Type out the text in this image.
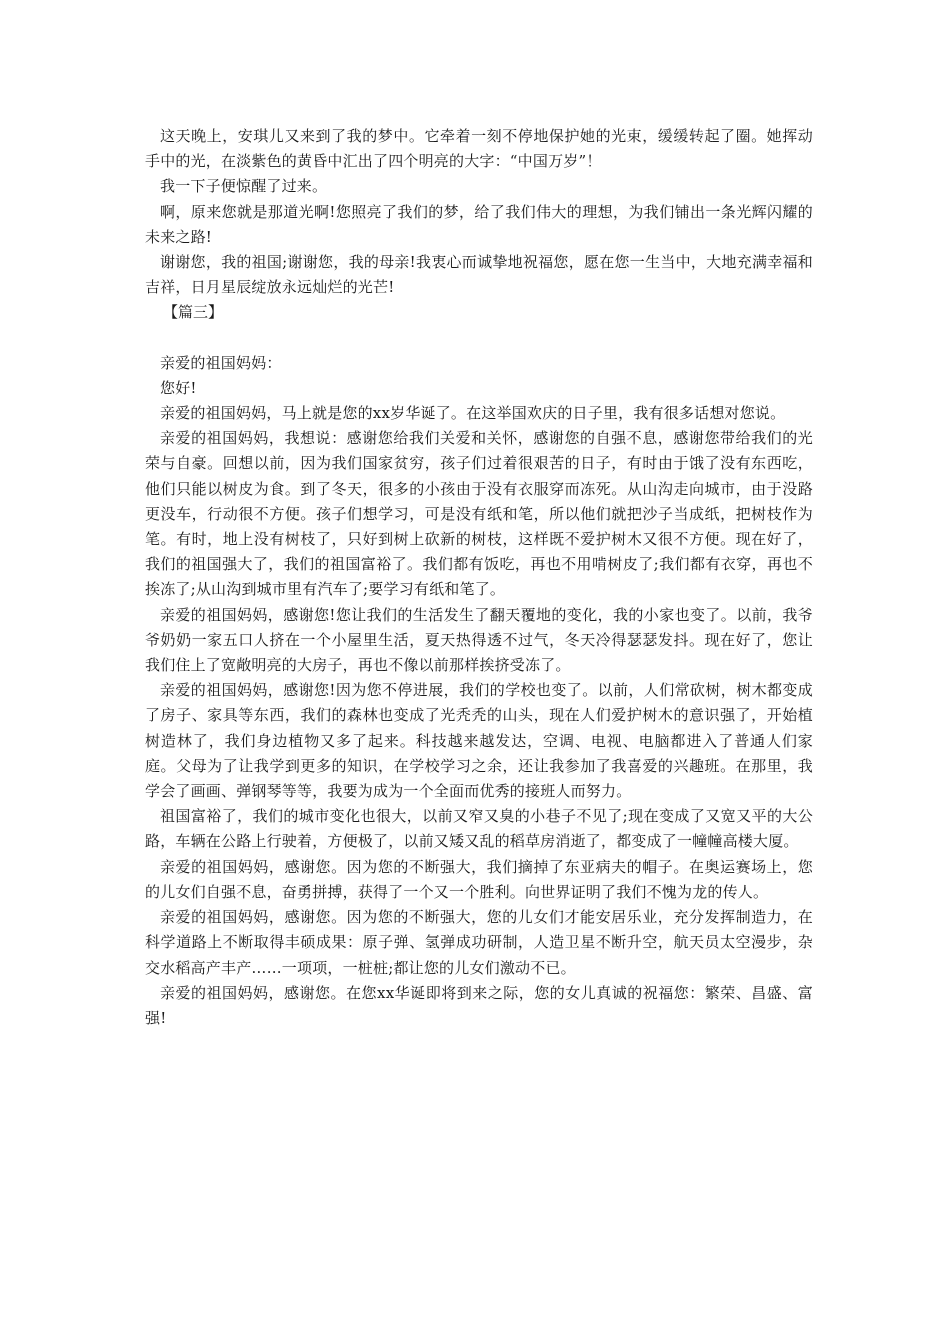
这天晚上，安琪儿又来到了我的梦中。它牵着一刻不停地保护她的光束，缓缓转起了圈。她挥动手中的光，在淡紫色的黄昏中汇出了四个明亮的大字：“中国万岁”！

我一下子便惊醒了过来。

啊，原来您就是那道光啊!您照亮了我们的梦，给了我们伟大的理想，为我们铺出一条光辉闪耀的未来之路!

谢谢您，我的祖国;谢谢您，我的母亲!我衷心而诚挚地祝福您，愿在您一生当中，大地充满幸福和吉祥，日月星辰绽放永远灿烂的光芒!

【篇三】

亲爱的祖国妈妈：

您好!

亲爱的祖国妈妈，马上就是您的xx岁华诞了。在这举国欢庆的日子里，我有很多话想对您说。

亲爱的祖国妈妈，我想说：感谢您给我们关爱和关怀，感谢您的自强不息，感谢您带给我们的光荣与自豪。回想以前，因为我们国家贫穷，孩子们过着很艰苦的日子，有时由于饿了没有东西吃，他们只能以树皮为食。到了冬天，很多的小孩由于没有衣服穿而冻死。从山沟走向城市，由于没路更没车，行动很不方便。孩子们想学习，可是没有纸和笔，所以他们就把沙子当成纸，把树枝作为笔。有时，地上没有树枝了，只好到树上砍新的树枝，这样既不爱护树木又很不方便。现在好了，我们的祖国强大了，我们的祖国富裕了。我们都有饭吃，再也不用啃树皮了;我们都有衣穿，再也不挨冻了;从山沟到城市里有汽车了;要学习有纸和笔了。

亲爱的祖国妈妈，感谢您!您让我们的生活发生了翻天覆地的变化，我的小家也变了。以前，我爷爷奶奶一家五口人挤在一个小屋里生活，夏天热得透不过气，冬天冷得瑟瑟发抖。现在好了，您让我们住上了宽敞明亮的大房子，再也不像以前那样挨挤受冻了。

亲爱的祖国妈妈，感谢您!因为您不停进展，我们的学校也变了。以前，人们常砍树，树木都变成了房子、家具等东西，我们的森林也变成了光秃秃的山头，现在人们爱护树木的意识强了，开始植树造林了，我们身边植物又多了起来。科技越来越发达，空调、电视、电脑都进入了普通人们家庭。父母为了让我学到更多的知识，在学校学习之余，还让我参加了我喜爱的兴趣班。在那里，我学会了画画、弹钢琴等等，我要为成为一个全面而优秀的接班人而努力。

祖国富裕了，我们的城市变化也很大，以前又窄又臭的小巷子不见了;现在变成了又宽又平的大公路，车辆在公路上行驶着，方便极了，以前又矮又乱的稻草房消逝了，都变成了一幢幢高楼大厦。

亲爱的祖国妈妈，感谢您。因为您的不断强大，我们摘掉了东亚病夫的帽子。在奥运赛场上，您的儿女们自强不息，奋勇拼搏，获得了一个又一个胜利。向世界证明了我们不愧为龙的传人。

亲爱的祖国妈妈，感谢您。因为您的不断强大，您的儿女们才能安居乐业，充分发挥制造力，在科学道路上不断取得丰硕成果：原子弹、氢弹成功研制，人造卫星不断升空，航天员太空漫步，杂交水稻高产丰产……一项项，一桩桩;都让您的儿女们激动不已。

亲爱的祖国妈妈，感谢您。在您xx华诞即将到来之际，您的女儿真诚的祝福您：繁荣、昌盛、富强!
